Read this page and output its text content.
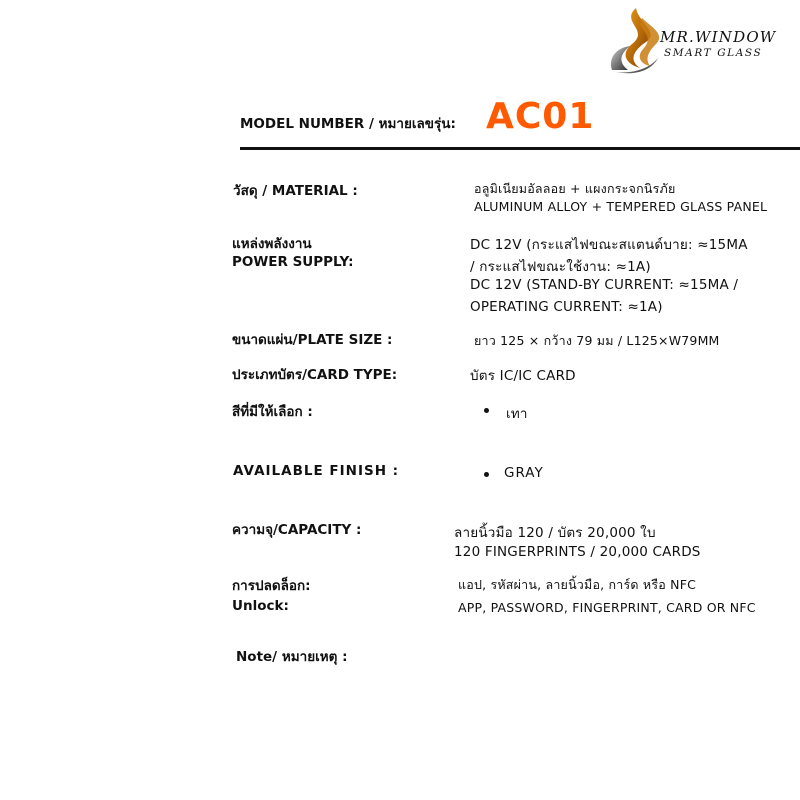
MR.WINDOW
SMART GLASS
MODEL NUMBER / หมายเลขรุ่น: AC01
วัสดุ / MATERIAL :	อลูมิเนียมอัลลอย + แผงกระจกนิรภัย
ALUMINUM ALLOY + TEMPERED GLASS PANEL
แหล่งพลังงาน
POWER SUPPLY:
DC 12V (กระแสไฟขณะสแตนด์บาย: ≈15MA
/ กระแสไฟขณะใช้งาน: ≈1A)
DC 12V (STAND-BY CURRENT: ≈15MA /
OPERATING CURRENT: ≈1A)
ขนาดแผ่น/PLATE SIZE :	ยาว 125 × กว้าง 79 มม / L125×W79MM
ประเภทบัตร/CARD TYPE:	บัตร IC/IC CARD
สีที่มีให้เลือก :	เทา
AVAILABLE FINISH :	GRAY
ความจุ/CAPACITY :	ลายนิ้วมือ 120 / บัตร 20,000 ใบ
120 FINGERPRINTS / 20,000 CARDS
การปลดล็อก:
Unlock:
แอป, รหัสผ่าน, ลายนิ้วมือ, การ์ด หรือ NFC
APP, PASSWORD, FINGERPRINT, CARD OR NFC
Note/ หมายเหตุ :
